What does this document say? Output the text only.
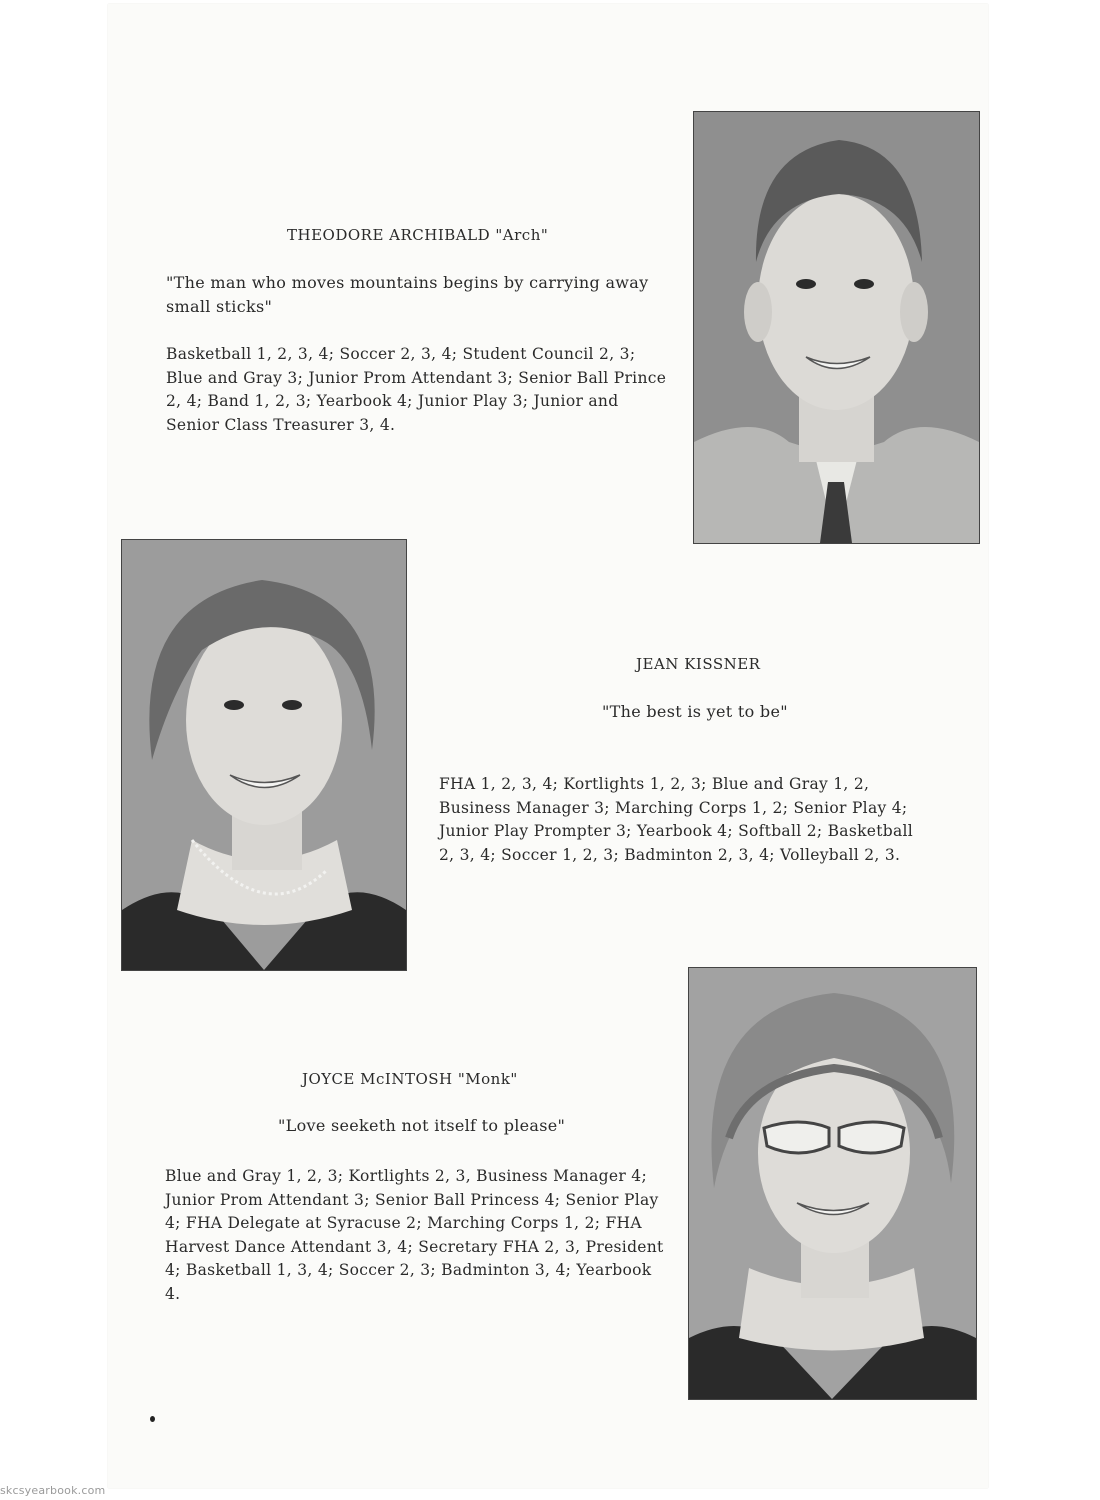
THEODORE ARCHIBALD "Arch"
"The man who moves mountains begins by carrying away small sticks"
Basketball 1, 2, 3, 4; Soccer 2, 3, 4; Student Council 2, 3; Blue and Gray 3; Junior Prom Attendant 3; Senior Ball Prince 2, 4; Band 1, 2, 3; Yearbook 4; Junior Play 3; Junior and Senior Class Treasurer 3, 4.
JEAN KISSNER
"The best is yet to be"
FHA 1, 2, 3, 4; Kortlights 1, 2, 3; Blue and Gray 1, 2, Business Manager 3; Marching Corps 1, 2; Senior Play 4; Junior Play Prompter 3; Yearbook 4; Softball 2; Basketball 2, 3, 4; Soccer 1, 2, 3; Badminton 2, 3, 4; Volleyball 2, 3.
JOYCE McINTOSH "Monk"
"Love seeketh not itself to please"
Blue and Gray 1, 2, 3; Kortlights 2, 3, Business Manager 4; Junior Prom Attendant 3; Senior Ball Princess 4; Senior Play 4; FHA Delegate at Syracuse 2; Marching Corps 1, 2; FHA Harvest Dance Attendant 3, 4; Secretary FHA 2, 3, President 4; Basketball 1, 3, 4; Soccer 2, 3; Badminton 3, 4; Yearbook 4.
skcsyearbook.com
